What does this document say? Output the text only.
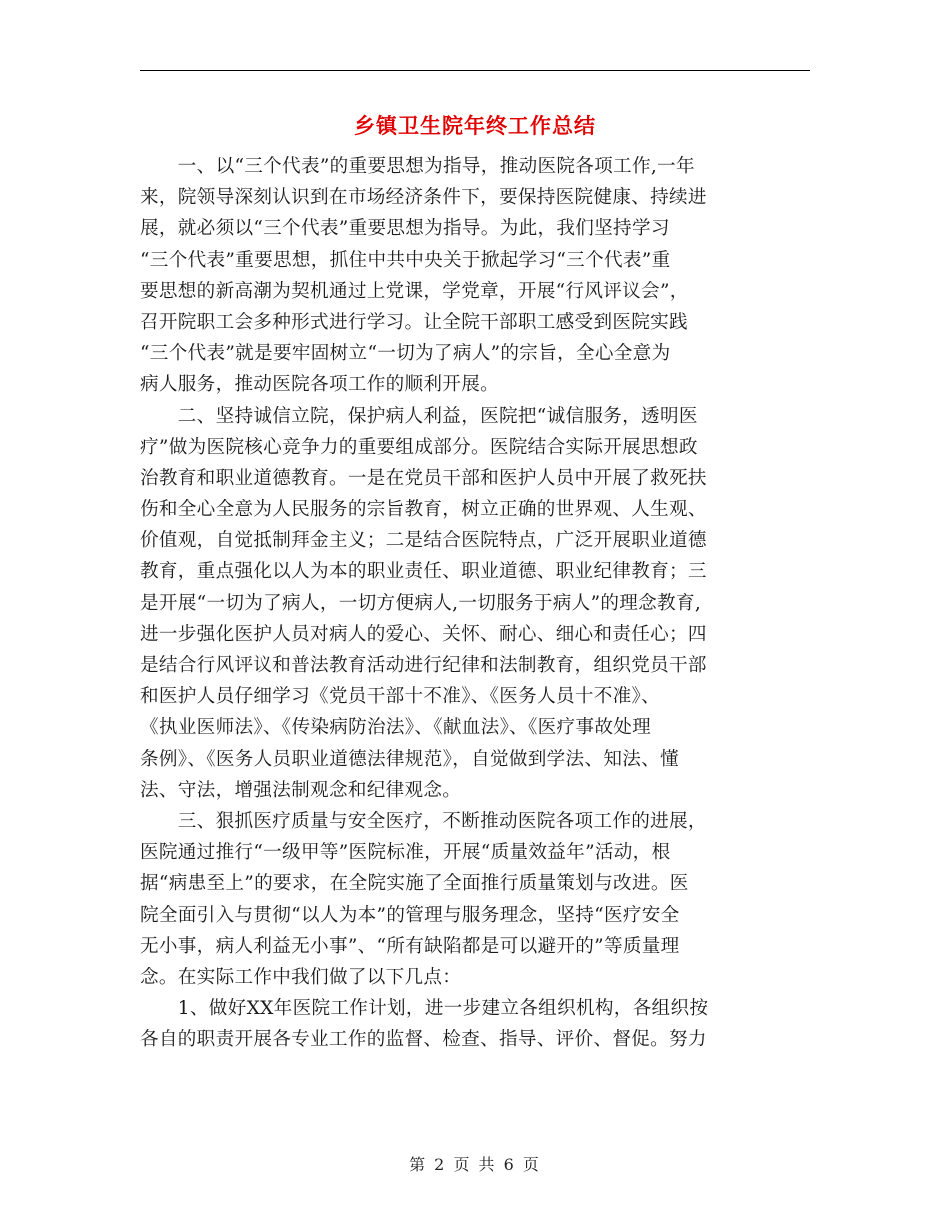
乡镇卫生院年终工作总结
　　一、以“三个代表”的重要思想为指导，推动医院各项工作,一年
来，院领导深刻认识到在市场经济条件下，要保持医院健康、持续进
展，就必须以“三个代表”重要思想为指导。为此，我们坚持学习
“三个代表”重要思想，抓住中共中央关于掀起学习“三个代表”重
要思想的新高潮为契机通过上党课，学党章，开展“行风评议会”，
召开院职工会多种形式进行学习。让全院干部职工感受到医院实践
“三个代表”就是要牢固树立“一切为了病人”的宗旨，全心全意为
病人服务，推动医院各项工作的顺利开展。
　　二、坚持诚信立院，保护病人利益，医院把“诚信服务，透明医
疗”做为医院核心竞争力的重要组成部分。医院结合实际开展思想政
治教育和职业道德教育。一是在党员干部和医护人员中开展了救死扶
伤和全心全意为人民服务的宗旨教育，树立正确的世界观、人生观、
价值观，自觉抵制拜金主义；二是结合医院特点，广泛开展职业道德
教育，重点强化以人为本的职业责任、职业道德、职业纪律教育；三
是开展“一切为了病人，一切方便病人,一切服务于病人”的理念教育,
进一步强化医护人员对病人的爱心、关怀、耐心、细心和责任心；四
是结合行风评议和普法教育活动进行纪律和法制教育，组织党员干部
和医护人员仔细学习《党员干部十不准》、《医务人员十不准》、
《执业医师法》、《传染病防治法》、《献血法》、《医疗事故处理
条例》、《医务人员职业道德法律规范》，自觉做到学法、知法、懂
法、守法，增强法制观念和纪律观念。
　　三、狠抓医疗质量与安全医疗，不断推动医院各项工作的进展，
医院通过推行“一级甲等”医院标准，开展“质量效益年”活动，根
据“病患至上”的要求，在全院实施了全面推行质量策划与改进。医
院全面引入与贯彻“以人为本”的管理与服务理念，坚持“医疗安全
无小事，病人利益无小事”、“所有缺陷都是可以避开的”等质量理
念。在实际工作中我们做了以下几点：
　　1、做好XX年医院工作计划，进一步建立各组织机构，各组织按
各自的职责开展各专业工作的监督、检查、指导、评价、督促。努力
第 2 页 共 6 页
